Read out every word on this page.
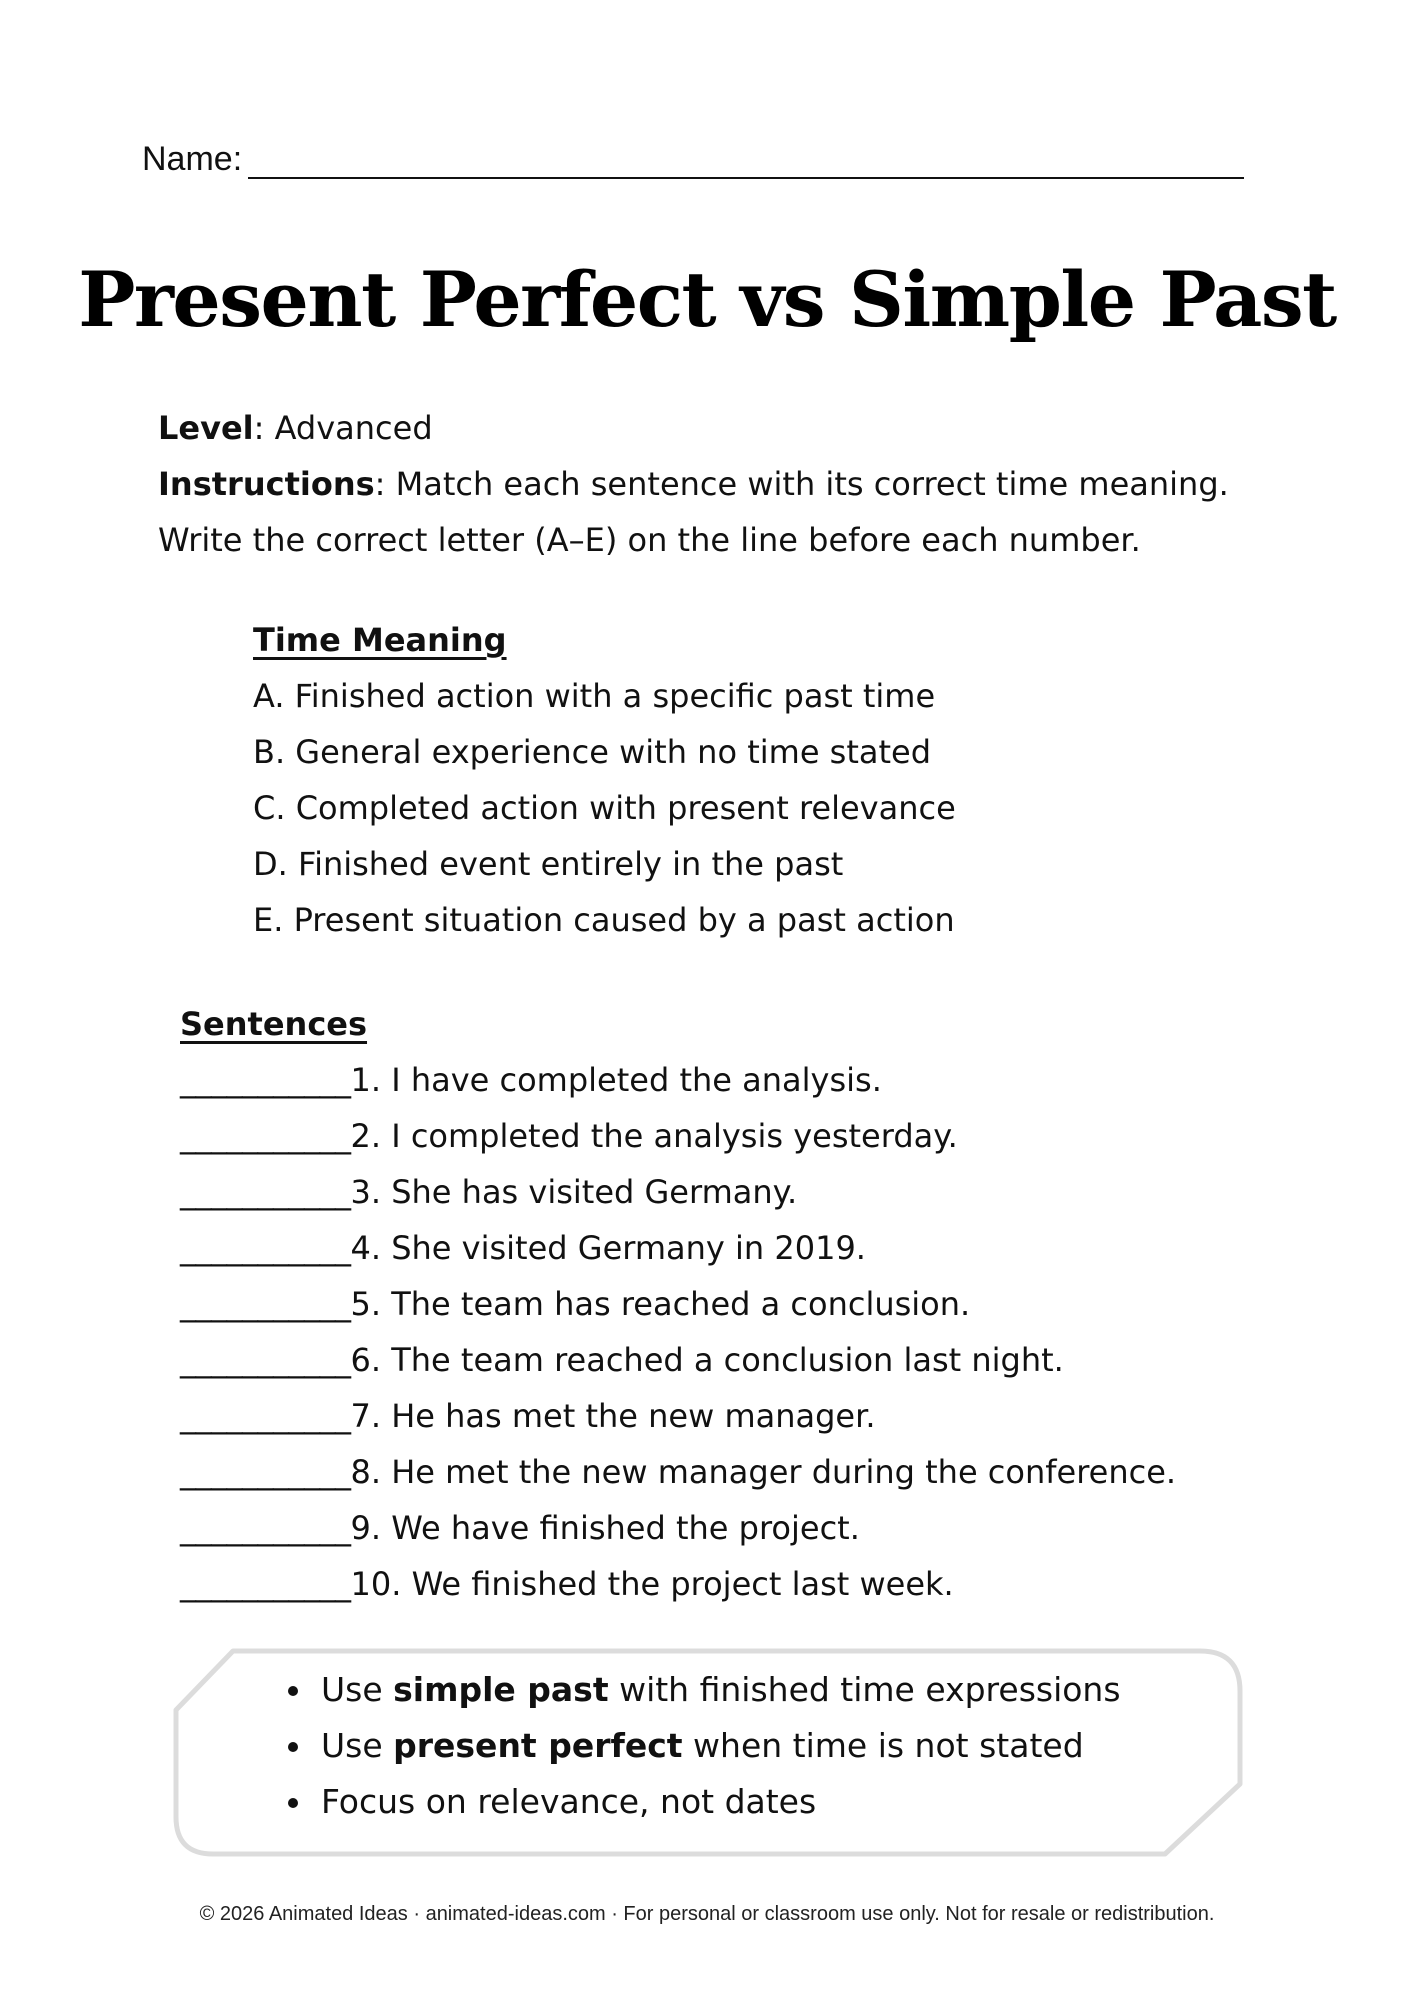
Name:
Present Perfect vs Simple Past

Level: Advanced

Instructions: Match each sentence with its correct time meaning.

Write the correct letter (A–E) on the line before each number.

Time Meaning

A. Finished action with a specific past time
B. General experience with no time stated
C. Completed action with present relevance
D. Finished event entirely in the past
E. Present situation caused by a past action

Sentences

___________1. I have completed the analysis.
___________2. I completed the analysis yesterday.
___________3. She has visited Germany.
___________4. She visited Germany in 2019.
___________5. The team has reached a conclusion.
___________6. The team reached a conclusion last night.
___________7. He has met the new manager.
___________8. He met the new manager during the conference.
___________9. We have finished the project.
___________10. We finished the project last week.
• Use simple past with finished time expressions
• Use present perfect when time is not stated
• Focus on relevance, not dates
© 2026 Animated Ideas · animated-ideas.com · For personal or classroom use only. Not for resale or redistribution.
